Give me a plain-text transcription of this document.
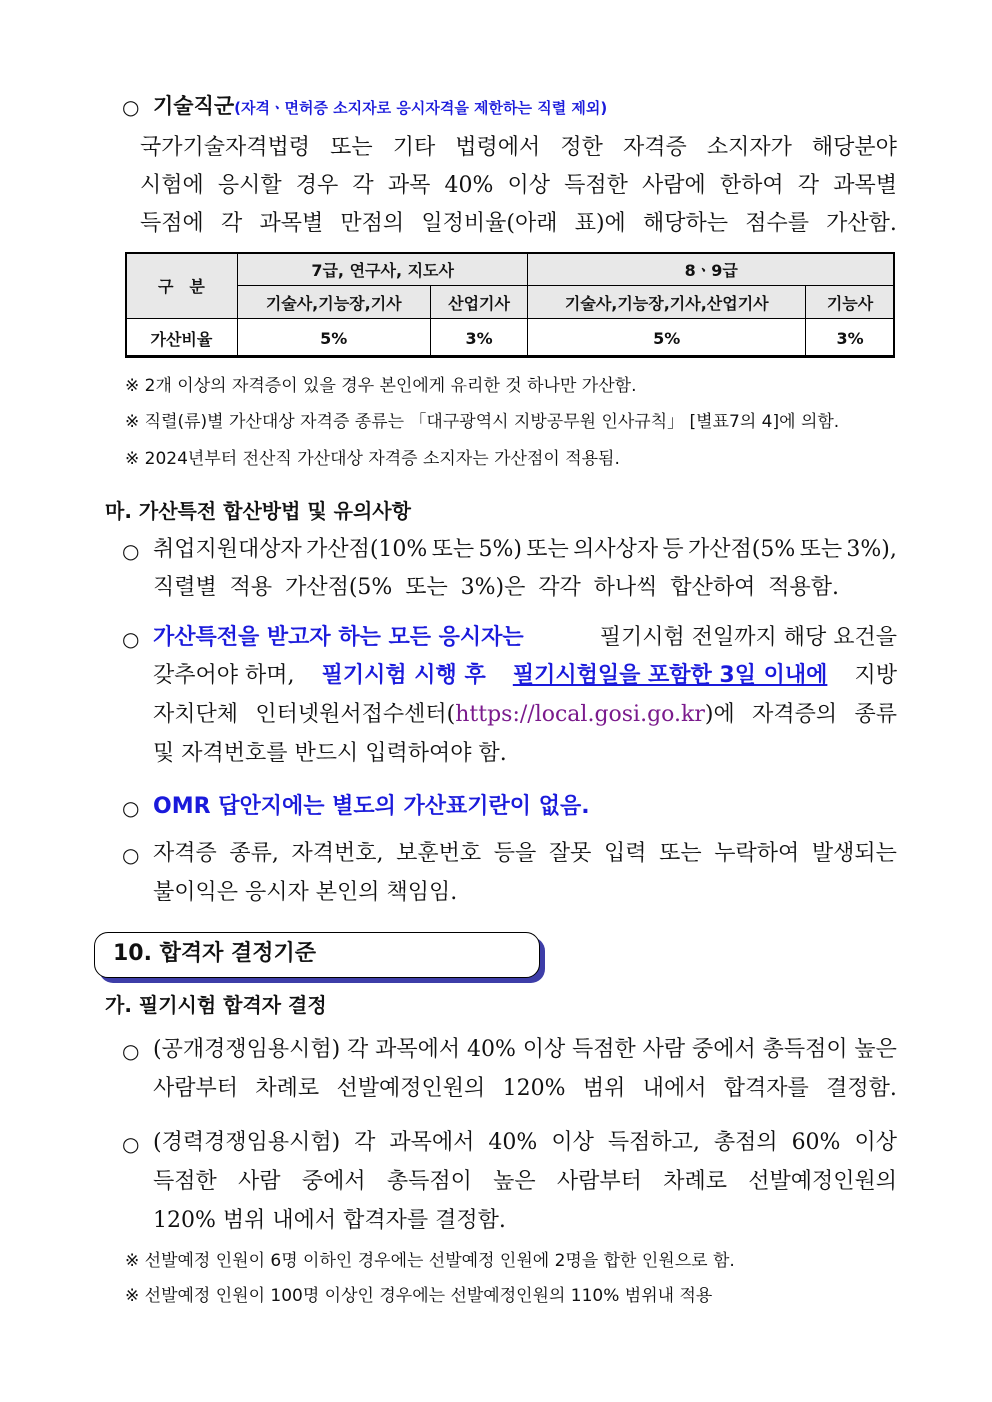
○ 기술직군(자격ㆍ면허증 소지자로 응시자격을 제한하는 직렬 제외)
국가기술자격법령 또는 기타 법령에서 정한 자격증 소지자가 해당분야
시험에 응시할 경우 각 과목 40% 이상 득점한 사람에 한하여 각 과목별
득점에 각 과목별 만점의 일정비율(아래 표)에 해당하는 점수를 가산함.
구　분	7급, 연구사, 지도사		8ㆍ9급	
	기술사,기능장,기사	산업기사	기술사,기능장,기사,산업기사	기능사
가산비율	5%	3%	5%	3%
※ 2개 이상의 자격증이 있을 경우 본인에게 유리한 것 하나만 가산함.
※ 직렬(류)별 가산대상 자격증 종류는 「대구광역시 지방공무원 인사규칙」 [별표7의 4]에 의함.
※ 2024년부터 전산직 가산대상 자격증 소지자는 가산점이 적용됨.
마. 가산특전 합산방법 및 유의사항
○ 취업지원대상자 가산점(10% 또는 5%) 또는 의사상자 등 가산점(5% 또는 3%),
직렬별 적용 가산점(5% 또는 3%)은 각각 하나씩 합산하여 적용함.
○ 가산특전을 받고자 하는 모든 응시자는	필기시험 전일까지 해당 요건을
갖추어야 하며, 필기시험 시행 후 필기시험일을 포함한 3일 이내에 지방
자치단체 인터넷원서접수센터(https://local.gosi.go.kr)에 자격증의 종류
및 자격번호를 반드시 입력하여야 함.
○ OMR 답안지에는 별도의 가산표기란이 없음.
○ 자격증 종류, 자격번호, 보훈번호 등을 잘못 입력 또는 누락하여 발생되는
불이익은 응시자 본인의 책임임.
10. 합격자 결정기준
가. 필기시험 합격자 결정
○ (공개경쟁임용시험) 각 과목에서 40% 이상 득점한 사람 중에서 총득점이 높은
사람부터 차례로 선발예정인원의 120% 범위 내에서 합격자를 결정함.
○ (경력경쟁임용시험) 각 과목에서 40% 이상 득점하고, 총점의 60% 이상
득점한 사람 중에서 총득점이 높은 사람부터 차례로 선발예정인원의
120% 범위 내에서 합격자를 결정함.
※ 선발예정 인원이 6명 이하인 경우에는 선발예정 인원에 2명을 합한 인원으로 함.
※ 선발예정 인원이 100명 이상인 경우에는 선발예정인원의 110% 범위내 적용
